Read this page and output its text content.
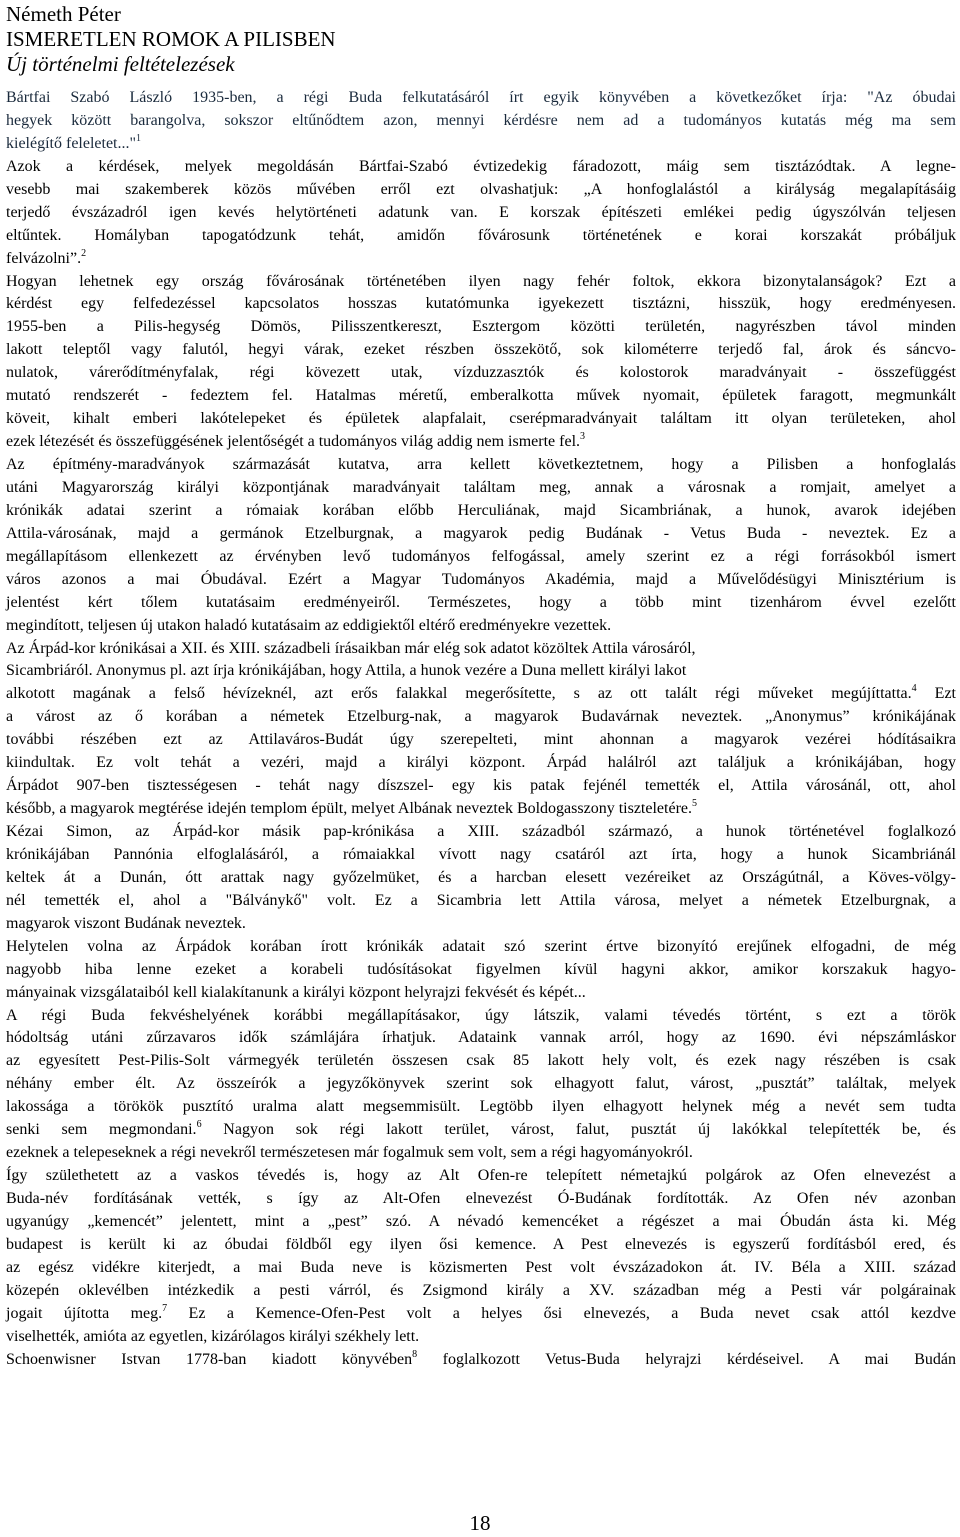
Németh Péter
ISMERETLEN ROMOK A PILISBEN
Új történelmi feltételezések
Bártfai Szabó László 1935-ben, a régi Buda felkutatásáról írt egyik könyvében a következőket írja: "Az óbudai
hegyek között barangolva, sokszor eltűnődtem azon, mennyi kérdésre nem ad a tudományos kutatás még ma sem
kielégítő feleletet..."$^1$
Azok a kérdések, melyek megoldásán Bártfai-Szabó évtizedekig fáradozott, máig sem tisztázódtak. A legne-
vesebb mai szakemberek közös művében erről ezt olvashatjuk: „A honfoglalástól a királyság megalapításáig
terjedő évszázadról igen kevés helytörténeti adatunk van. E korszak építészeti emlékei pedig úgyszólván teljesen
eltűntek. Homályban tapogatódzunk tehát, amidőn fővárosunk történetének e korai korszakát próbáljuk
felvázolni”.$^2$
Hogyan lehetnek egy ország fővárosának történetében ilyen nagy fehér foltok, ekkora bizonytalanságok? Ezt a
kérdést egy felfedezéssel kapcsolatos hosszas kutatómunka igyekezett tisztázni, hisszük, hogy eredményesen.
1955-ben a Pilis-hegység Dömös, Pilisszentkereszt, Esztergom közötti területén, nagyrészben távol minden
lakott teleptől vagy falutól, hegyi várak, ezeket részben összekötő, sok kilométerre terjedő fal, árok és sáncvo-
nulatok, várerődítményfalak, régi kövezett utak, vízduzzasztók és kolostorok maradványait - összefüggést
mutató rendszerét - fedeztem fel. Hatalmas méretű, emberalkotta művek nyomait, épületek faragott, megmunkált
köveit, kihalt emberi lakótelepeket és épületek alapfalait, cserépmaradványait találtam itt olyan területeken, ahol
ezek létezését és összefüggésének jelentőségét a tudományos világ addig nem ismerte fel.$^3$
Az építmény-maradványok származását kutatva, arra kellett következtetnem, hogy a Pilisben a honfoglalás
utáni Magyarország királyi központjának maradványait találtam meg, annak a városnak a romjait, amelyet a
krónikák adatai szerint a rómaiak korában előbb Herculiának, majd Sicambriának, a hunok, avarok idejében
Attila-városának, majd a germánok Etzelburgnak, a magyarok pedig Budának - Vetus Buda - neveztek. Ez a
megállapításom ellenkezett az érvényben levő tudományos felfogással, amely szerint ez a régi forrásokból ismert
város azonos a mai Óbudával. Ezért a Magyar Tudományos Akadémia, majd a Művelődésügyi Minisztérium is
jelentést kért tőlem kutatásaim eredményeiről. Természetes, hogy a több mint tizenhárom évvel ezelőtt
megindított, teljesen új utakon haladó kutatásaim az eddigiektől eltérő eredményekre vezettek.
Az Árpád-kor krónikásai a XII. és XIII. századbeli írásaikban már elég sok adatot közöltek Attila városáról,
Sicambriáról. Anonymus pl. azt írja krónikájában, hogy Attila, a hunok vezére a Duna mellett királyi lakot
alkotott magának a felső hévízeknél, azt erős falakkal megerősítette, s az ott talált régi műveket megújíttatta.$^4$ Ezt
a várost az ő korában a németek Etzelburg-nak, a magyarok Budavárnak neveztek. „Anonymus” krónikájának
további részében ezt az Attilaváros-Budát úgy szerepelteti, mint ahonnan a magyarok vezérei hódításaikra
kiindultak. Ez volt tehát a vezéri, majd a királyi központ. Árpád halálról azt találjuk a krónikájában, hogy
Árpádot 907-ben tisztességesen - tehát nagy díszszel- egy kis patak fejénél temették el, Attila városánál, ott, ahol
később, a magyarok megtérése idején templom épült, melyet Albának neveztek Boldogasszony tiszteletére.$^5$
Kézai Simon, az Árpád-kor másik pap-krónikása a XIII. századból származó, a hunok történetével foglalkozó
krónikájában Pannónia elfoglalásáról, a rómaiakkal vívott nagy csatáról azt írta, hogy a hunok Sicambriánál
keltek át a Dunán, ótt arattak nagy győzelmüket, és a harcban elesett vezéreiket az Országútnál, a Köves-völgy-
nél temették el, ahol a "Bálványkő" volt. Ez a Sicambria lett Attila városa, melyet a németek Etzelburgnak, a
magyarok viszont Budának neveztek.
Helytelen volna az Árpádok korában írott krónikák adatait szó szerint értve bizonyító erejűnek elfogadni, de még
nagyobb hiba lenne ezeket a korabeli tudósításokat figyelmen kívül hagyni akkor, amikor korszakuk hagyo-
mányainak vizsgálataiból kell kialakítanunk a királyi központ helyrajzi fekvését és képét...
A régi Buda fekvéshelyének korábbi megállapításakor, úgy látszik, valami tévedés történt, s ezt a török
hódoltság utáni zűrzavaros idők számlájára írhatjuk. Adataink vannak arról, hogy az 1690. évi népszámláskor
az egyesített Pest-Pilis-Solt vármegyék területén összesen csak 85 lakott hely volt, és ezek nagy részében is csak
néhány ember élt. Az összeírók a jegyzőkönyvek szerint sok elhagyott falut, várost, „pusztát” találtak, melyek
lakossága a törökök pusztító uralma alatt megsemmisült. Legtöbb ilyen elhagyott helynek még a nevét sem tudta
senki sem megmondani.$^6$ Nagyon sok régi lakott terület, várost, falut, pusztát új lakókkal telepítették be, és
ezeknek a telepeseknek a régi nevekről természetesen már fogalmuk sem volt, sem a régi hagyományokról.
Így születhetett az a vaskos tévedés is, hogy az Alt Ofen-re telepített németajkú polgárok az Ofen elnevezést a
Buda-név fordításának vették, s így az Alt-Ofen elnevezést Ó-Budának fordították. Az Ofen név azonban
ugyanúgy „kemencét” jelentett, mint a „pest” szó. A névadó kemencéket a régészet a mai Óbudán ásta ki. Még
budapest is került ki az óbudai földből egy ilyen ősi kemence. A Pest elnevezés is egyszerű fordításból ered, és
az egész vidékre kiterjedt, a mai Buda neve is közismerten Pest volt évszázadokon át. IV. Béla a XIII. század
közepén oklevélben intézkedik a pesti várról, és Zsigmond király a XV. században még a Pesti vár polgárainak
jogait újította meg.$^7$ Ez a Kemence-Ofen-Pest volt a helyes ősi elnevezés, a Buda nevet csak attól kezdve
viselhették, amióta az egyetlen, kizárólagos királyi székhely lett.
Schoenwisner Istvan 1778-ban kiadott könyvében$^8$ foglalkozott Vetus-Buda helyrajzi kérdéseivel. A mai Budán
18
